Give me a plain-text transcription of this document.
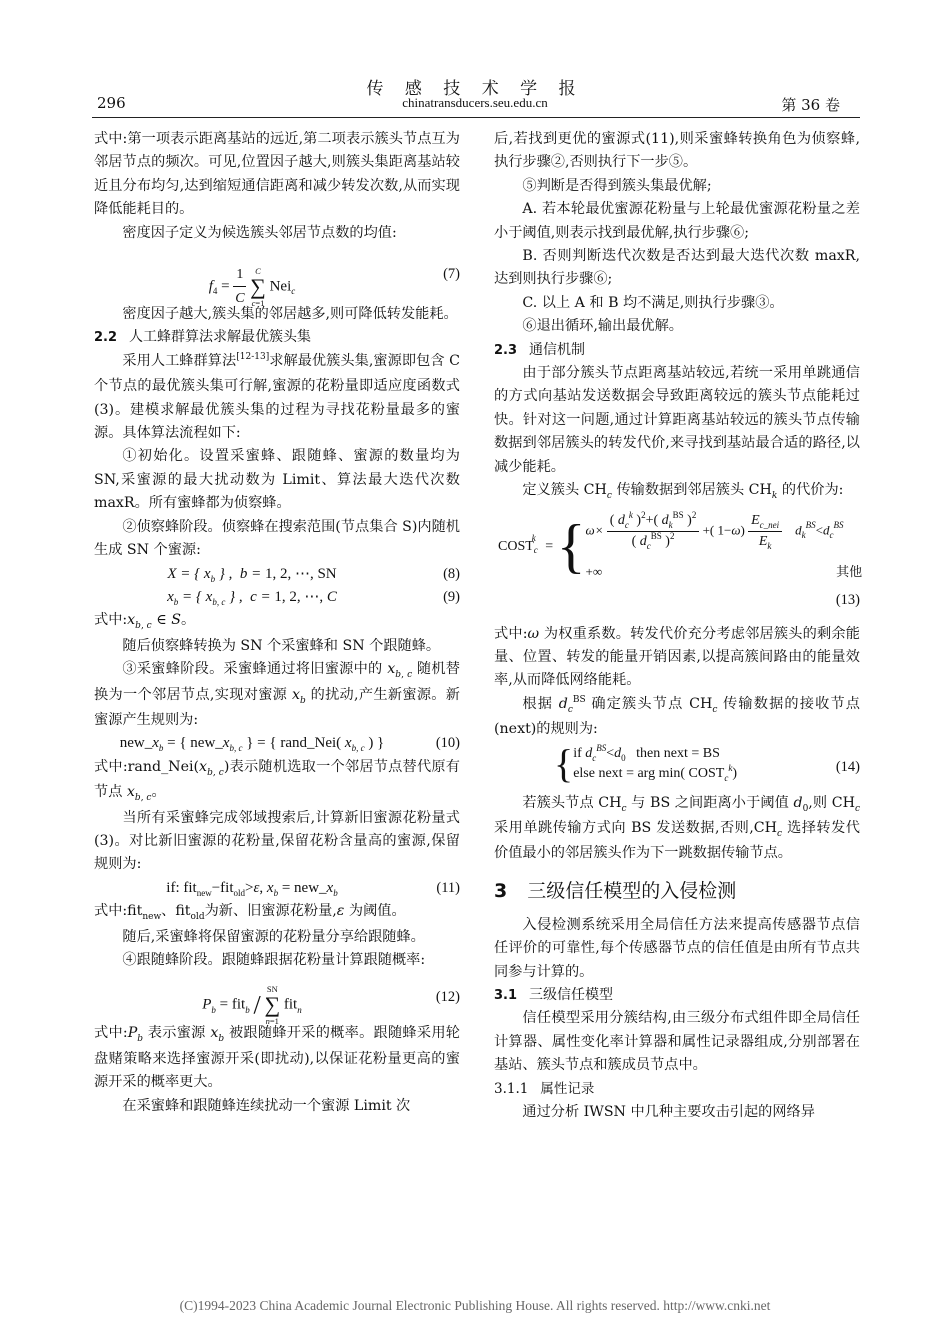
传 感 技 术 学 报
chinatransducers.seu.edu.cn
296	第 36 卷

式中:第一项表示距离基站的远近,第二项表示簇头节点互为邻居节点的频次。可见,位置因子越大,则簇头集距离基站较近且分布均匀,达到缩短通信距离和减少转发次数,从而实现降低能耗目的。

密度因子定义为候选簇头邻居节点数的均值:

$f_4 = \frac{1}{C}$ C
∑
c=1 Nei$_c$
(7)

密度因子越大,簇头集的邻居越多,则可降低转发能耗。

2.2 人工蜂群算法求解最优簇头集

采用人工蜂群算法[12-13]求解最优簇头集,蜜源即包含 C 个节点的最优簇头集可行解,蜜源的花粉量即适应度函数式(3)。建模求解最优簇头集的过程为寻找花粉量最多的蜜源。具体算法流程如下:

①初始化。设置采蜜蜂、跟随蜂、蜜源的数量均为 SN,采蜜源的最大扰动数为 Limit、算法最大迭代次数 maxR。所有蜜蜂都为侦察蜂。

②侦察蜂阶段。侦察蜂在搜索范围(节点集合 S)内随机生成 SN 个蜜源:

X = { $x_b$ } ,  b = 1, 2, ⋯, SN	(8)
$x_b$ = { $x_{b, c}$ } ,  c = 1, 2, ⋯, C	(9)

式中$:x_{b, c}$ ∈ S。

随后侦察蜂转换为 SN 个采蜜蜂和 SN 个跟随蜂。

③采蜜蜂阶段。采蜜蜂通过将旧蜜源中的 $x_{b, c}$ 随机替换为一个邻居节点,实现对蜜源 $x_b$ 的扰动,产生新蜜源。新蜜源产生规则为:

$new\_x_b$ = { $new\_x_{b, c}$ } = { rand_Nei( $x_{b, c}$ ) }	(10)

式中$:rand\_Nei(x_{b, c})$表示随机选取一个邻居节点替代原有节点 $x_{b, c}$。

当所有采蜜蜂完成邻域搜索后,计算新旧蜜源花粉量式(3)。对比新旧蜜源的花粉量,保留花粉含量高的蜜源,保留规则为:

if: fit$_{new}$−fit$_{old}$>ε, $x_b$ = $new\_x_b$	(11)

式中:fit$_{new}$、fit$_{old}$为新、旧蜜源花粉量,ε 为阈值。

随后,采蜜蜂将保留蜜源的花粉量分享给跟随蜂。

④跟随蜂阶段。跟随蜂跟据花粉量计算跟随概率:

$P_b = fit_b$ / SN
∑
n=1 fit$_n$
(12)

式中$:P_b$ 表示蜜源 $x_b$ 被跟随蜂开采的概率。跟随蜂采用轮盘赌策略来选择蜜源开采(即扰动),以保证花粉量更高的蜜源开采的概率更大。

在采蜜蜂和跟随蜂连续扰动一个蜜源 Limit 次

后,若找到更优的蜜源式(11),则采蜜蜂转换角色为侦察蜂,执行步骤②,否则执行下一步⑤。

⑤判断是否得到簇头集最优解;

A. 若本轮最优蜜源花粉量与上轮最优蜜源花粉量之差小于阈值,则表示找到最优解,执行步骤⑥;

B. 否则判断迭代次数是否达到最大迭代次数 maxR,达到则执行步骤⑥;

C. 以上 A 和 B 均不满足,则执行步骤③。

⑥退出循环,输出最优解。

2.3 通信机制

由于部分簇头节点距离基站较远,若统一采用单跳通信的方式向基站发送数据会导致距离较远的簇头节点能耗过快。针对这一问题,通过计算距离基站较远的簇头节点传输数据到邻居簇头的转发代价,来寻找到基站最合适的路径,以减少能耗。

定义簇头 $CH_c$ 传输数据到邻居簇头 $CH_k$ 的代价为:

$COST_c^k$ = { $\omega\times \frac{( d_c^k )^2+( d_k^{BS} )^2}{( d_c^{BS} )^2}$ +( $1-\omega) \frac{E_{c\_nei}}{E_k} d_k^{BS}<d_c^{BS}$
+∞	其他
(13)

式中:ω 为权重系数。转发代价充分考虑邻居簇头的剩余能量、位置、转发的能量开销因素,以提高簇间路由的能量效率,从而降低网络能耗。

根据 $d_c^{BS}$ 确定簇头节点 $CH_c$ 传输数据的接收节点(next)的规则为:

{ if $d_c^{BS}<d_0$   then next = BS
else next = arg min( $COST_c^k$)	(14)

若簇头节点 $CH_c$ 与 BS 之间距离小于阈值 $d_0$,则 $CH_c$ 采用单跳传输方式向 BS 发送数据,否则$,CH_c$ 选择转发代价值最小的邻居簇头作为下一跳数据传输节点。

3 三级信任模型的入侵检测

入侵检测系统采用全局信任方法来提高传感器节点信任评价的可靠性,每个传感器节点的信任值是由所有节点共同参与计算的。

3.1 三级信任模型

信任模型采用分簇结构,由三级分布式组件即全局信任计算器、属性变化率计算器和属性记录器组成,分别部署在基站、簇头节点和簇成员节点中。

3.1.1 属性记录

通过分析 IWSN 中几种主要攻击引起的网络异

(C)1994-2023 China Academic Journal Electronic Publishing House. All rights reserved. http://www.cnki.net
